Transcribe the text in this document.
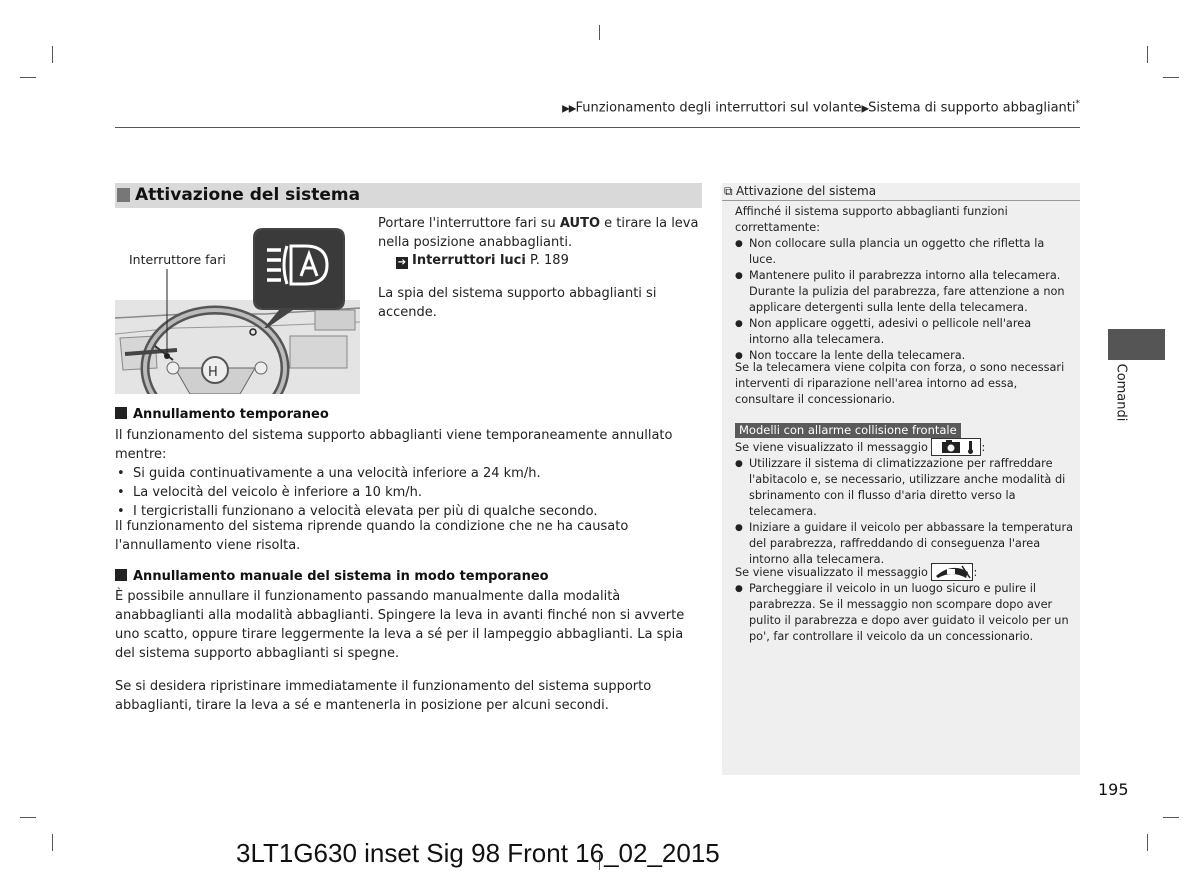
▶▶Funzionamento degli interruttori sul volante▶Sistema di supporto abbaglianti*
Attivazione del sistema
H
Interruttore fari
Portare l'interruttore fari su AUTO e tirare la leva nella posizione anabbaglianti.
➔ Interruttori luci P. 189
La spia del sistema supporto abbaglianti si accende.
Annullamento temporaneo
Il funzionamento del sistema supporto abbaglianti viene temporaneamente annullato mentre:
• Si guida continuativamente a una velocità inferiore a 24 km/h.
• La velocità del veicolo è inferiore a 10 km/h.
• I tergicristalli funzionano a velocità elevata per più di qualche secondo.
Il funzionamento del sistema riprende quando la condizione che ne ha causato l'annullamento viene risolta.
Annullamento manuale del sistema in modo temporaneo
È possibile annullare il funzionamento passando manualmente dalla modalità anabbaglianti alla modalità abbaglianti. Spingere la leva in avanti finché non si avverte uno scatto, oppure tirare leggermente la leva a sé per il lampeggio abbaglianti. La spia del sistema supporto abbaglianti si spegne.
Se si desidera ripristinare immediatamente il funzionamento del sistema supporto abbaglianti, tirare la leva a sé e mantenerla in posizione per alcuni secondi.
⧉ Attivazione del sistema
Affinché il sistema supporto abbaglianti funzioni correttamente:
● Non collocare sulla plancia un oggetto che rifletta la luce.
● Mantenere pulito il parabrezza intorno alla telecamera. Durante la pulizia del parabrezza, fare attenzione a non applicare detergenti sulla lente della telecamera.
● Non applicare oggetti, adesivi o pellicole nell'area intorno alla telecamera.
● Non toccare la lente della telecamera.
Se la telecamera viene colpita con forza, o sono necessari interventi di riparazione nell'area intorno ad essa, consultare il concessionario.
Modelli con allarme collisione frontale
Se viene visualizzato il messaggio	:
● Utilizzare il sistema di climatizzazione per raffreddare l'abitacolo e, se necessario, utilizzare anche modalità di sbrinamento con il flusso d'aria diretto verso la telecamera.
● Iniziare a guidare il veicolo per abbassare la temperatura del parabrezza, raffreddando di conseguenza l'area intorno alla telecamera.
Se viene visualizzato il messaggio	:
● Parcheggiare il veicolo in un luogo sicuro e pulire il parabrezza. Se il messaggio non scompare dopo aver pulito il parabrezza e dopo aver guidato il veicolo per un po', far controllare il veicolo da un concessionario.
Comandi
195
3LT1G630 inset Sig 98 Front 16_02_2015
